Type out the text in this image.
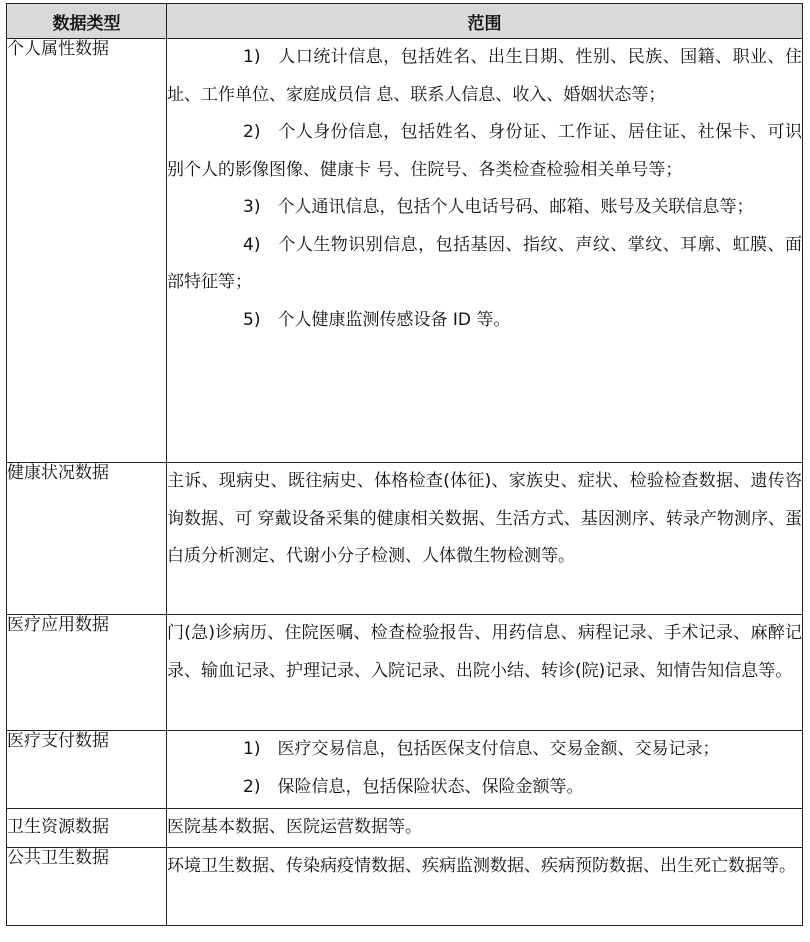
数据类型	范围
个人属性数据	1)　人口统计信息，包括姓名、出生日期、性别、民族、国籍、职业、住址、工作单位、家庭成员信 息、联系人信息、收入、婚姻状态等；

2)　个人身份信息，包括姓名、身份证、工作证、居住证、社保卡、可识别个人的影像图像、健康卡 号、住院号、各类检查检验相关单号等；

3)　个人通讯信息，包括个人电话号码、邮箱、账号及关联信息等；

4)　个人生物识别信息，包括基因、指纹、声纹、掌纹、耳廓、虹膜、面部特征等；

5)　个人健康监测传感设备 ID 等。

健康状况数据	主诉、现病史、既往病史、体格检查(体征)、家族史、症状、检验检查数据、遗传咨询数据、可 穿戴设备采集的健康相关数据、生活方式、基因测序、转录产物测序、蛋白质分析测定、代谢小分子检测、人体微生物检测等。

医疗应用数据	门(急)诊病历、住院医嘱、检查检验报告、用药信息、病程记录、手术记录、麻醉记录、输血记录、护理记录、入院记录、出院小结、转诊(院)记录、知情告知信息等。

医疗支付数据	1)　医疗交易信息，包括医保支付信息、交易金额、交易记录；

2)　保险信息，包括保险状态、保险金额等。

卫生资源数据	医院基本数据、医院运营数据等。

公共卫生数据	环境卫生数据、传染病疫情数据、疾病监测数据、疾病预防数据、出生死亡数据等。
